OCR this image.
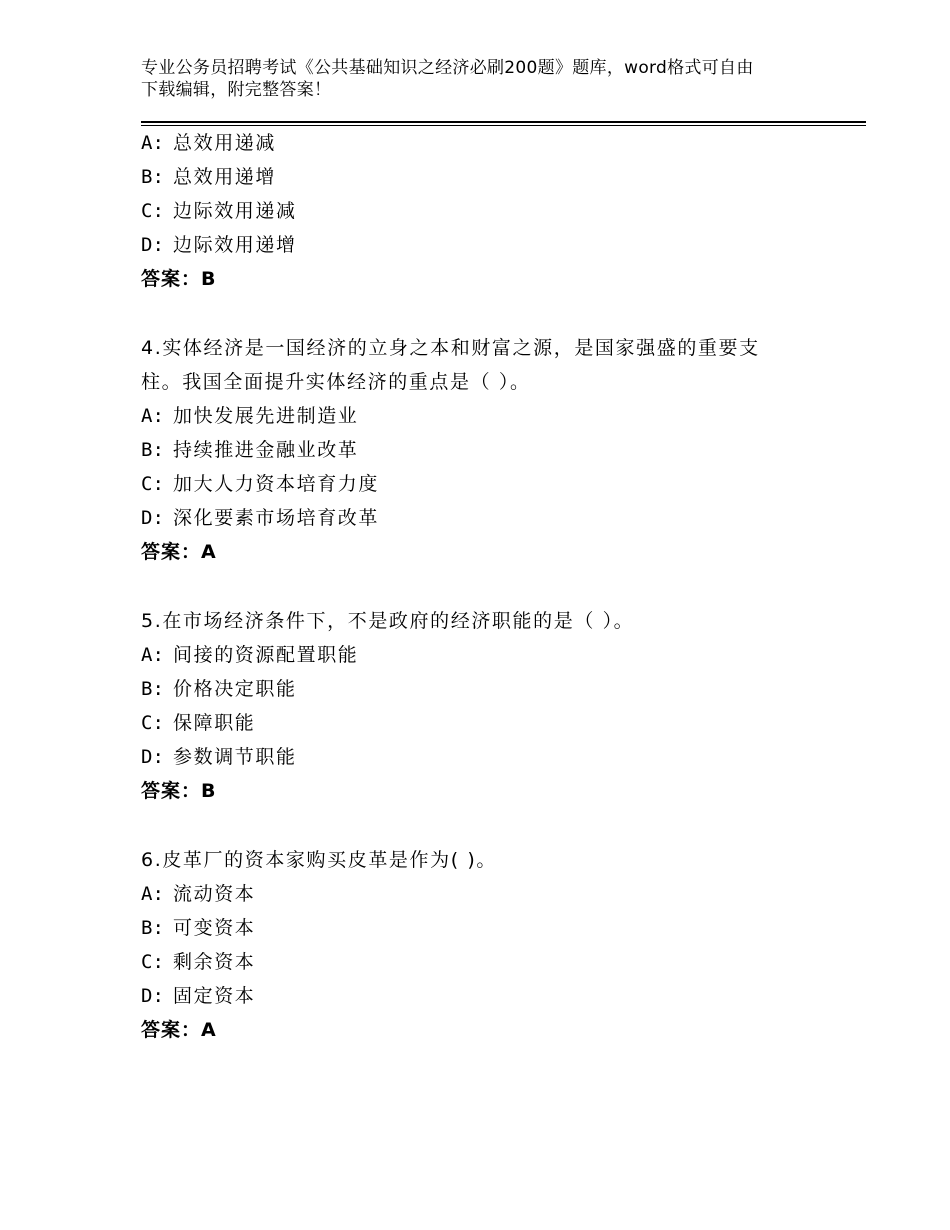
专业公务员招聘考试《公共基础知识之经济必刷200题》题库，word格式可自由
下载编辑，附完整答案！
A: 总效用递减
B: 总效用递增
C: 边际效用递减
D: 边际效用递增
答案：B
4.实体经济是一国经济的立身之本和财富之源，是国家强盛的重要支
柱。我国全面提升实体经济的重点是（ ）。
A: 加快发展先进制造业
B: 持续推进金融业改革
C: 加大人力资本培育力度
D: 深化要素市场培育改革
答案：A
5.在市场经济条件下，不是政府的经济职能的是（ ）。
A: 间接的资源配置职能
B: 价格决定职能
C: 保障职能
D: 参数调节职能
答案：B
6.皮革厂的资本家购买皮革是作为( )。
A: 流动资本
B: 可变资本
C: 剩余资本
D: 固定资本
答案：A
